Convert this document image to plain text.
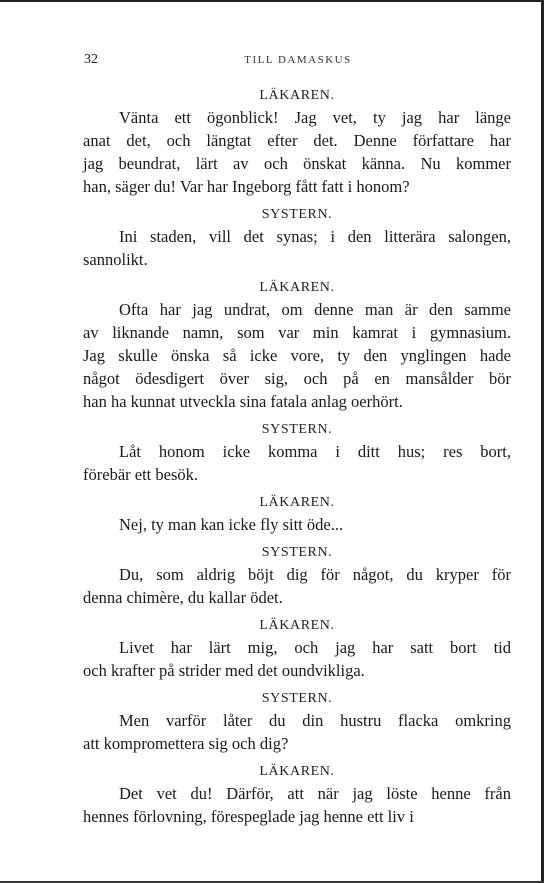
32	TILL DAMASKUS
LÄKAREN.
Vänta ett ögonblick! Jag vet, ty jag har länge
anat det, och längtat efter det. Denne författare har
jag beundrat, lärt av och önskat känna. Nu kommer
han, säger du! Var har Ingeborg fått fatt i honom?
SYSTERN.
Ini staden, vill det synas; i den litterära salongen,
sannolikt.
LÄKAREN.
Ofta har jag undrat, om denne man är den samme
av liknande namn, som var min kamrat i gymnasium.
Jag skulle önska så icke vore, ty den ynglingen hade
något ödesdigert över sig, och på en mansålder bör
han ha kunnat utveckla sina fatala anlag oerhört.
SYSTERN.
Låt honom icke komma i ditt hus; res bort,
förebär ett besök.
LÄKAREN.
Nej, ty man kan icke fly sitt öde...
SYSTERN.
Du, som aldrig böjt dig för något, du kryper för
denna chimère, du kallar ödet.
LÄKAREN.
Livet har lärt mig, och jag har satt bort tid
och krafter på strider med det oundvikliga.
SYSTERN.
Men varför låter du din hustru flacka omkring
att kompromettera sig och dig?
LÄKAREN.
Det vet du! Därför, att när jag löste henne från
hennes förlovning, förespeglade jag henne ett liv i
